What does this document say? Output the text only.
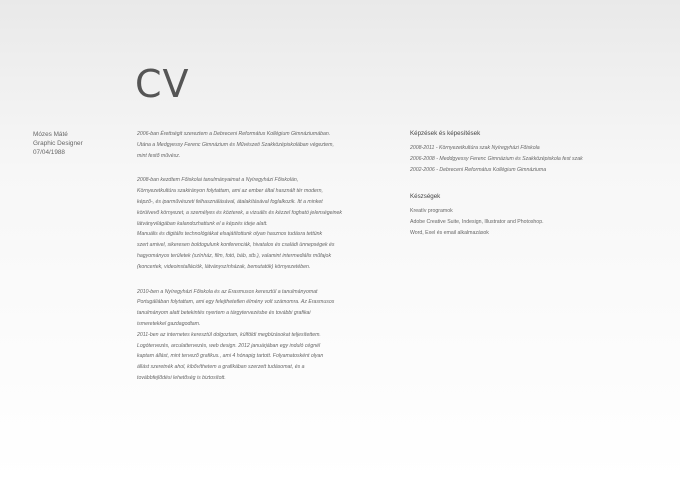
CV
Mózes Máté
Graphic Designer
07/04/1988

2006-ban Érettségit szereztem a Debreceni Református Kollégium Gimnáziumában.

Utána a Medgyessy Ferenc Gimnázium és Művészeti Szakközépiskolában végeztem,

mint festő művész.

2008-ban kezdtem Főiskolai tanulmányaimat a Nyíregyházi Főiskolán,

Környezetkultúra szakirányon folytattam, ami az ember által használt tér modern,

képző-, és iparművészeti felhasználásával, átalakításával foglalkozik. Itt a minket

körülvevő környezet, a személyes és közterek, a vizuális és kézzel fogható jelenségeinek

látványvilágában kalandozhattunk el a képzés ideje alatt.

Manuális és digitális technológiákat elsajátítottunk olyan hasznos tudásra tettünk

szert amivel, sikeresen boldogulunk konferenciák, hivatalos és családi ünnepségek és

hagyományos területek (színház, film, fotó, báb, stb.), valamint intermediális műfajok

(koncertek, videoinstallációk, látványszínházak, bemutatók) környezetében.

2010-ben a Nyíregyházi Főiskola és az Erasmusos keresztül a tanulmányomat

Portugáliában folytattam, ami egy felejthetetlen élmény volt számomra. Az Erasmusos

tanulmányom alatt betekintés nyertem a tárgytervezésbe és további grafikai

ismeretekkel gazdagodtam.

2011-ben az internetes keresztül dolgoztam, külföldi megbízásokat teljesítettem.

Logótervezés, arculattervezés, web design. 2012 januárjában egy induló cégnél

kaptam állást, mint tervező grafikus., ami 4 hónapig tartott. Folyamatosként olyan

állást szeretnék ahol, kibővíthetem a grafikában szerzett tudásomat, és a

továbbfejlődési lehetőség is biztosított.

Képzések és képesítések
2008-2011 - Környezetkultúra szak Nyíregyházi Főiskola
2006-2008 - Meddgyessy Ferenc Gimnázium és Szakközépiskola fest szak
2002-2006 - Debreceni Református Kollégium Gimnáziuma
Készségek
Kreatív programok
Adobe Creative Suite, Indesign, Illustrator and Photoshop.
Word, Exel és email alkalmazások
